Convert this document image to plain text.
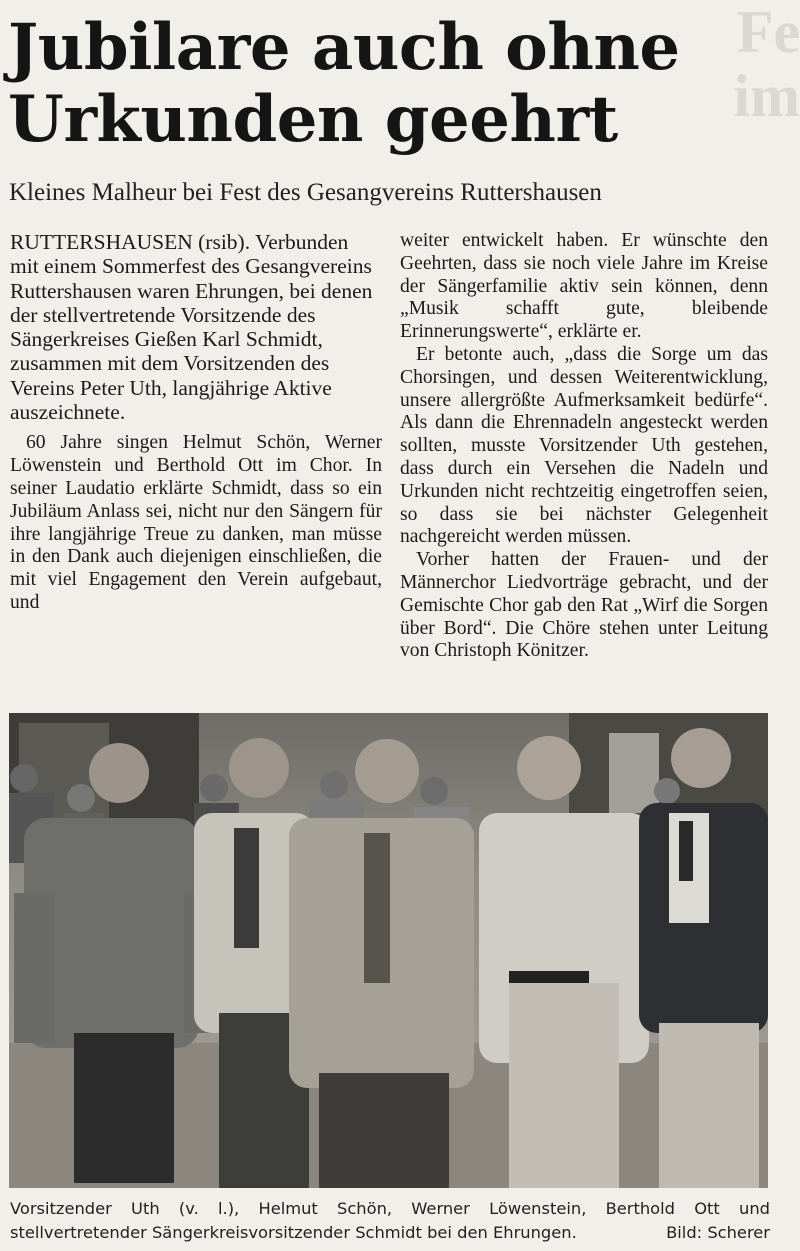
Fe
im
Jubilare auch ohne
Urkunden geehrt
Kleines Malheur bei Fest des Gesangvereins Ruttershausen

RUTTERSHAUSEN (rsib). Verbunden mit einem Sommerfest des Gesangvereins Ruttershausen waren Ehrungen, bei denen der stellvertretende Vorsitzende des Sängerkreises Gießen Karl Schmidt, zusammen mit dem Vorsitzenden des Vereins Peter Uth, langjährige Aktive auszeichnete.

60 Jahre singen Helmut Schön, Werner Löwenstein und Berthold Ott im Chor. In seiner Laudatio erklärte Schmidt, dass so ein Jubiläum Anlass sei, nicht nur den Sängern für ihre langjährige Treue zu danken, man müsse in den Dank auch diejenigen einschließen, die mit viel Engagement den Verein aufgebaut, und

weiter entwickelt haben. Er wünschte den Geehrten, dass sie noch viele Jahre im Kreise der Sängerfamilie aktiv sein können, denn „Musik schafft gute, bleibende Erinnerungswerte“, erklärte er.

Er betonte auch, „dass die Sorge um das Chorsingen, und dessen Weiterentwicklung, unsere allergrößte Aufmerksamkeit bedürfe“. Als dann die Ehrennadeln angesteckt werden sollten, musste Vorsitzender Uth gestehen, dass durch ein Versehen die Nadeln und Urkunden nicht rechtzeitig eingetroffen seien, so dass sie bei nächster Gelegenheit nachgereicht werden müssen.

Vorher hatten der Frauen- und der Männerchor Liedvorträge gebracht, und der Gemischte Chor gab den Rat „Wirf die Sorgen über Bord“. Die Chöre stehen unter Leitung von Christoph Könitzer.

Vorsitzender Uth (v. l.), Helmut Schön, Werner Löwenstein, Berthold Ott und stellvertretender Sängerkreisvorsitzender Schmidt bei den Ehrungen.	Bild: Scherer
